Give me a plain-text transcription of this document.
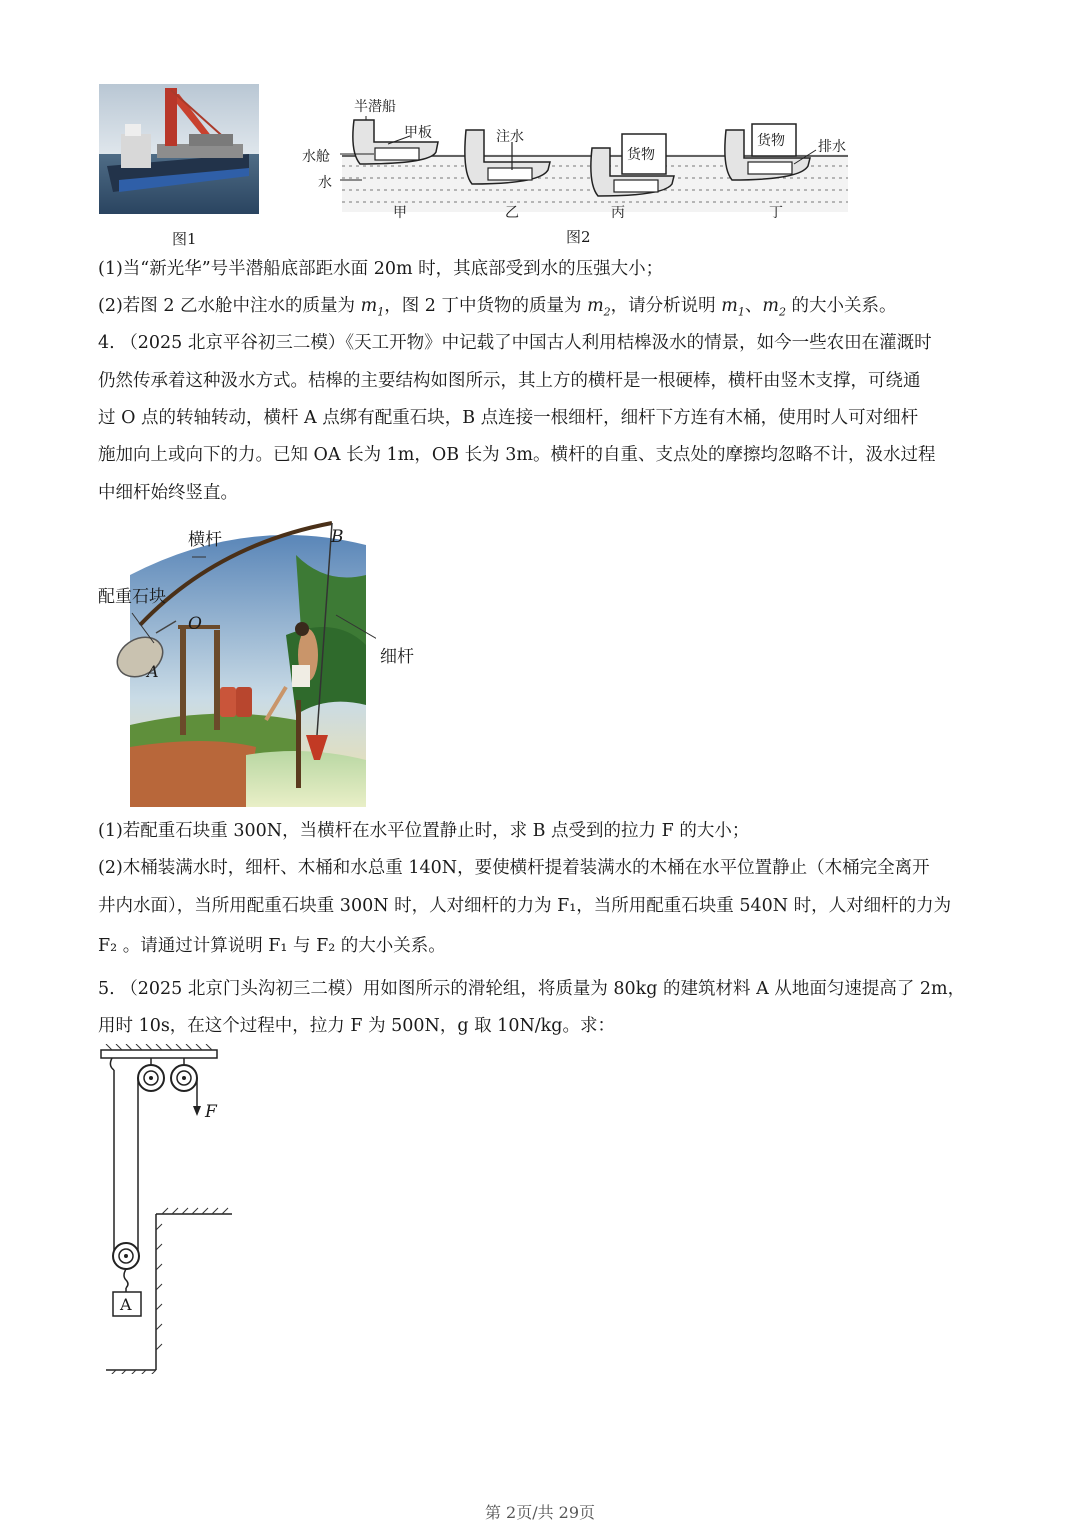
图1
半潜船
甲板
水舱
水
注水
货物
货物 排水
甲	乙	丙	丁
图2
(1)当“新光华”号半潜船底部距水面 20m 时，其底部受到水的压强大小；
(2)若图 2 乙水舱中注水的质量为 $m_1$，图 2 丁中货物的质量为 $m_2$，请分析说明 $m_1$、$m_2$ 的大小关系。
4. （2025 北京平谷初三二模）《天工开物》中记载了中国古人利用桔槔汲水的情景，如今一些农田在灌溉时
仍然传承着这种汲水方式。桔槔的主要结构如图所示，其上方的横杆是一根硬棒，横杆由竖木支撑，可绕通
过 O 点的转轴转动，横杆 A 点绑有配重石块，B 点连接一根细杆，细杆下方连有木桶，使用时人可对细杆
施加向上或向下的力。已知 OA 长为 1m，OB 长为 3m。横杆的自重、支点处的摩擦均忽略不计，汲水过程
中细杆始终竖直。
横杆	B
配重石块
O
细杆
A
(1)若配重石块重 300N，当横杆在水平位置静止时，求 B 点受到的拉力 F 的大小；
(2)木桶装满水时，细杆、木桶和水总重 140N，要使横杆提着装满水的木桶在水平位置静止（木桶完全离开
井内水面），当所用配重石块重 300N 时，人对细杆的力为 F₁，当所用配重石块重 540N 时，人对细杆的力为
F₂ 。请通过计算说明 F₁ 与 F₂ 的大小关系。
5. （2025 北京门头沟初三二模）用如图所示的滑轮组，将质量为 80kg 的建筑材料 A 从地面匀速提高了 2m，
用时 10s，在这个过程中，拉力 F 为 500N，g 取 10N/kg。求：
F
A
第 2页/共 29页
